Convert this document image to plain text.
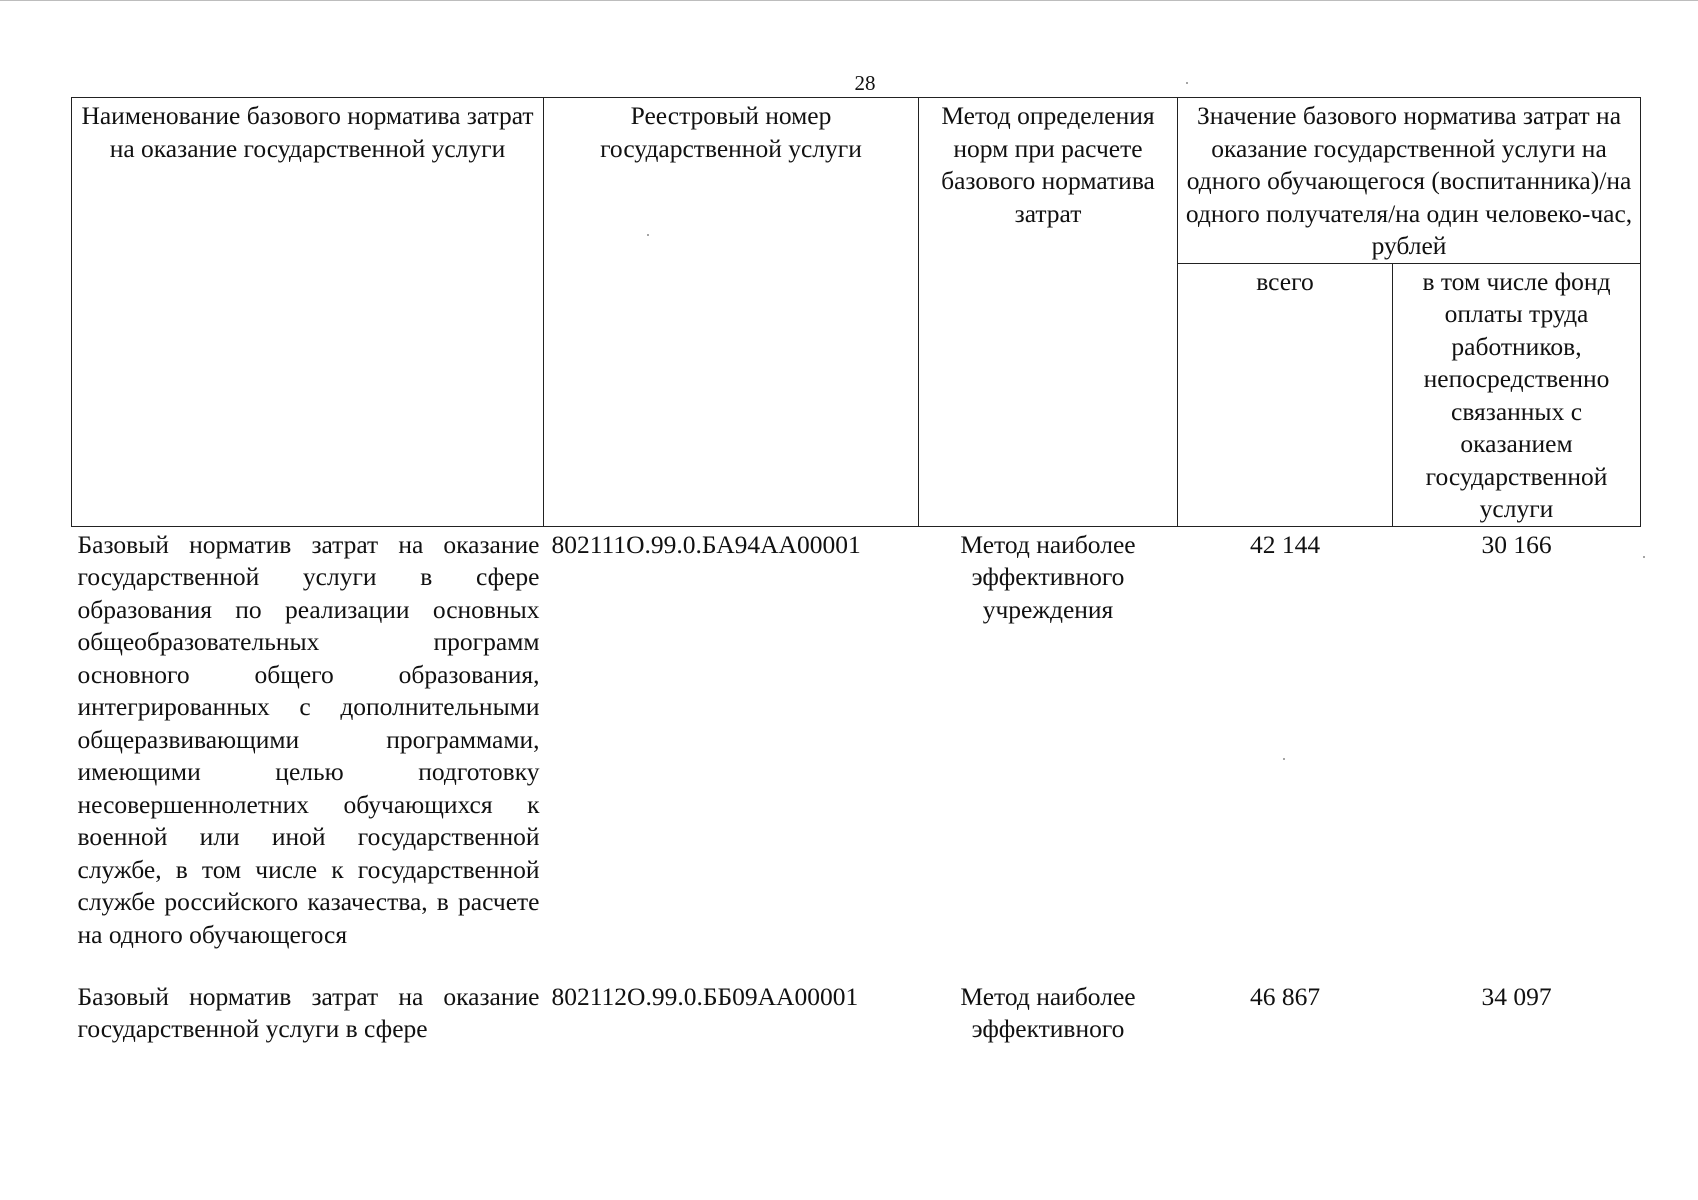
28
Наименование базового норматива затрат на оказание государственной услуги	Реестровый номер государственной услуги	Метод определения норм при расчете базового норматива затрат	Значение базового норматива затрат на оказание государственной услуги на одного обучающегося (воспитанника)/на одного получателя/на один человеко-час, рублей	
			всего	в том числе фонд оплаты труда работников, непосредственно связанных с оказанием государственной услуги
Базовый норматив затрат на оказание государственной услуги в сфере образования по реализации основных общеобразовательных программ основного общего образования, интегрированных с дополнительными общеразвивающими программами, имеющими целью подготовку несовершеннолетних обучающихся к военной или иной государственной службе, в том числе к государственной службе российского казачества, в расчете на одного обучающегося	802111О.99.0.БА94АА00001	Метод наиболее эффективного учреждения	42 144	30 166
Базовый норматив затрат на оказание государственной услуги в сфере	802112О.99.0.ББ09АА00001	Метод наиболее эффективного	46 867	34 097
